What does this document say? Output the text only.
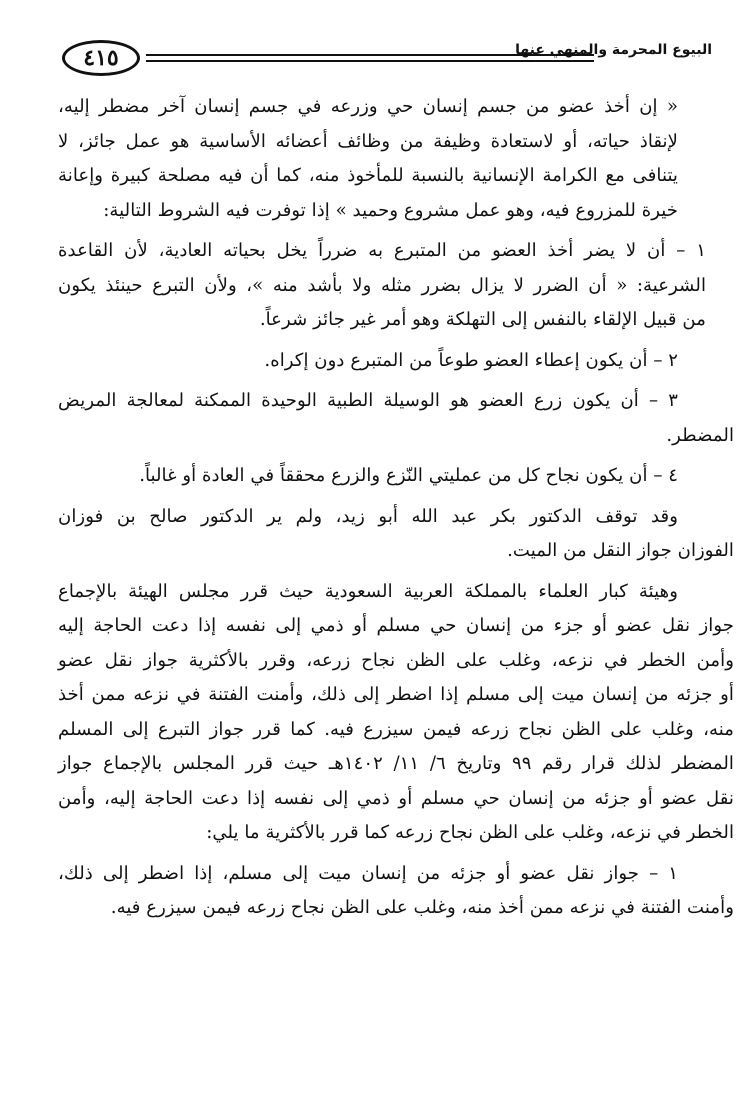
٤١٥	البيوع المحرمة والمنهي عنها
« إن أخذ عضو من جسم إنسان حي وزرعه في جسم إنسان آخر مضطر إليه،
لإنقاذ حياته، أو لاستعادة وظيفة من وظائف أعضائه الأساسية هو عمل جائز، لا
يتنافى مع الكرامة الإنسانية بالنسبة للمأخوذ منه، كما أن فيه مصلحة كبيرة وإعانة
خيرة للمزروع فيه، وهو عمل مشروع وحميد » إذا توفرت فيه الشروط التالية:
١ – أن لا يضر أخذ العضو من المتبرع به ضرراً يخل بحياته العادية، لأن القاعدة
الشرعية: « أن الضرر لا يزال بضرر مثله ولا بأشد منه »، ولأن التبرع حينئذ يكون
من قبيل الإلقاء بالنفس إلى التهلكة وهو أمر غير جائز شرعاً.
٢ – أن يكون إعطاء العضو طوعاً من المتبرع دون إكراه.
٣ – أن يكون زرع العضو هو الوسيلة الطبية الوحيدة الممكنة لمعالجة المريض
المضطر.
٤ – أن يكون نجاح كل من عمليتي النّزع والزرع محققاً في العادة أو غالباً.
وقد توقف الدكتور بكر عبد الله أبو زيد، ولم ير الدكتور صالح بن فوزان
الفوزان جواز النقل من الميت.
وهيئة كبار العلماء بالمملكة العربية السعودية حيث قرر مجلس الهيئة بالإجماع
جواز نقل عضو أو جزء من إنسان حي مسلم أو ذمي إلى نفسه إذا دعت الحاجة إليه
وأمن الخطر في نزعه، وغلب على الظن نجاح زرعه، وقرر بالأكثرية جواز نقل عضو
أو جزئه من إنسان ميت إلى مسلم إذا اضطر إلى ذلك، وأمنت الفتنة في نزعه ممن أخذ
منه، وغلب على الظن نجاح زرعه فيمن سيزرع فيه. كما قرر جواز التبرع إلى المسلم
المضطر لذلك قرار رقم ٩٩ وتاريخ ٦/ ١١/ ١٤٠٢هـ حيث قرر المجلس بالإجماع جواز
نقل عضو أو جزئه من إنسان حي مسلم أو ذمي إلى نفسه إذا دعت الحاجة إليه، وأمن
الخطر في نزعه، وغلب على الظن نجاح زرعه كما قرر بالأكثرية ما يلي:
١ – جواز نقل عضو أو جزئه من إنسان ميت إلى مسلم، إذا اضطر إلى ذلك،
وأمنت الفتنة في نزعه ممن أخذ منه، وغلب على الظن نجاح زرعه فيمن سيزرع فيه.
